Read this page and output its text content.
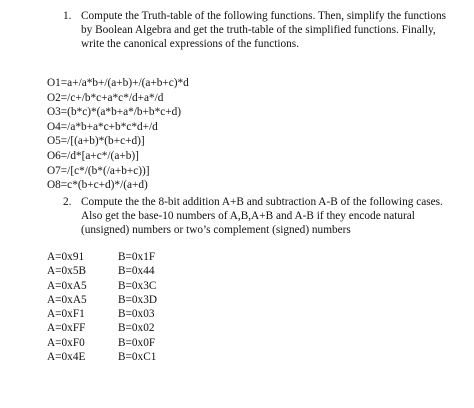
1. Compute the Truth-table of the following functions. Then, simplify the functions
by Boolean Algebra and get the truth-table of the simplified functions. Finally,
write the canonical expressions of the functions.
O1=a+/a*b+/(a+b)+/(a+b+c)*d
O2=/c+/b*c+a*c*/d+a*/d
O3=(b*c)*(a*b+a*/b+b*c+d)
O4=/a*b+a*c+b*c*d+/d
O5=/[(a+b)*(b+c+d)]
O6=/d*[a+c*/(a+b)]
O7=/[c*/(b*(/a+b+c))]
O8=c*(b+c+d)*/(a+d)
2. Compute the the 8-bit addition A+B and subtraction A-B of the following cases.
Also get the base-10 numbers of A,B,A+B and A-B if they encode natural
(unsigned) numbers or two’s complement (signed) numbers
A=0x91	B=0x1F
A=0x5B	B=0x44
A=0xA5	B=0x3C
A=0xA5	B=0x3D
A=0xF1	B=0x03
A=0xFF	B=0x02
A=0xF0	B=0x0F
A=0x4E	B=0xC1
